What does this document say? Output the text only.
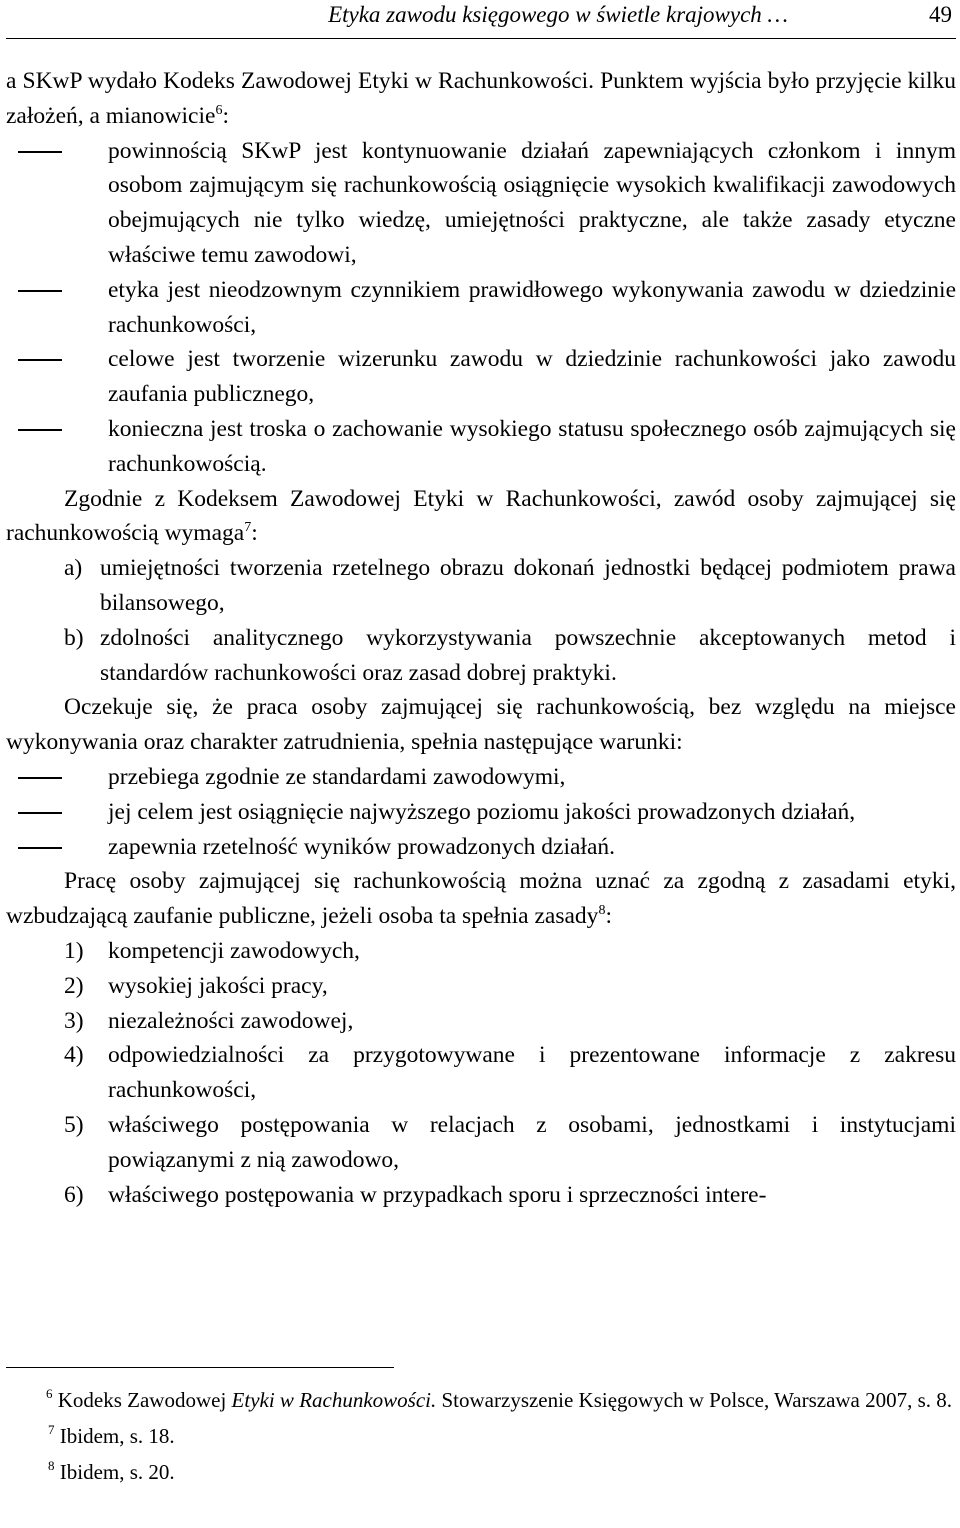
Etyka zawodu księgowego w świetle krajowych …	49

a SKwP wydało Kodeks Zawodowej Etyki w Rachunkowości. Punktem wyjścia było przyjęcie kilku założeń, a mianowicie$^6$:

powinnością SKwP jest kontynuowanie działań zapewniających członkom i innym osobom zajmującym się rachunkowością osiągnięcie wysokich kwalifikacji zawodowych obejmujących nie tylko wiedzę, umiejętności praktyczne, ale także zasady etyczne właściwe temu zawodowi,
etyka jest nieodzownym czynnikiem prawidłowego wykonywania zawodu w dziedzinie rachunkowości,
celowe jest tworzenie wizerunku zawodu w dziedzinie rachunkowości jako zawodu zaufania publicznego,
konieczna jest troska o zachowanie wysokiego statusu społecznego osób zajmujących się rachunkowością.

Zgodnie z Kodeksem Zawodowej Etyki w Rachunkowości, zawód osoby zajmującej się rachunkowością wymaga$^7$:

a) umiejętności tworzenia rzetelnego obrazu dokonań jednostki będącej podmiotem prawa bilansowego,
b) zdolności analitycznego wykorzystywania powszechnie akceptowanych metod i standardów rachunkowości oraz zasad dobrej praktyki.

Oczekuje się, że praca osoby zajmującej się rachunkowością, bez względu na miejsce wykonywania oraz charakter zatrudnienia, spełnia następujące warunki:

przebiega zgodnie ze standardami zawodowymi,
jej celem jest osiągnięcie najwyższego poziomu jakości prowadzonych działań,
zapewnia rzetelność wyników prowadzonych działań.

Pracę osoby zajmującej się rachunkowością można uznać za zgodną z zasadami etyki, wzbudzającą zaufanie publiczne, jeżeli osoba ta spełnia zasady$^8$:

1) kompetencji zawodowych,
2) wysokiej jakości pracy,
3) niezależności zawodowej,
4) odpowiedzialności za przygotowywane i prezentowane informacje z zakresu rachunkowości,
5) właściwego postępowania w relacjach z osobami, jednostkami i instytucjami powiązanymi z nią zawodowo,
6) właściwego postępowania w przypadkach sporu i sprzeczności intere-

$^6$ Kodeks Zawodowej Etyki w Rachunkowości. Stowarzyszenie Księgowych w Polsce, Warszawa 2007, s. 8.

$^7$ Ibidem, s. 18.

$^8$ Ibidem, s. 20.
